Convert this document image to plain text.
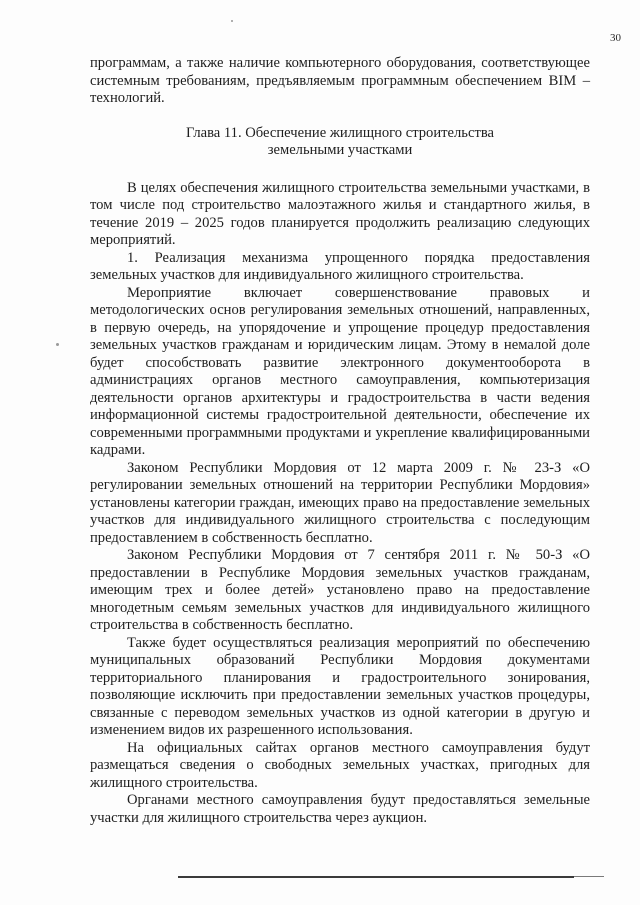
30

программам, а также наличие компьютерного оборудования, соответствующее системным требованиям, предъявляемым программным обеспечением BIM – технологий.

Глава 11. Обеспечение жилищного строительства
земельными участками

В целях обеспечения жилищного строительства земельными участками, в том числе под строительство малоэтажного жилья и стандартного жилья, в течение 2019 – 2025 годов планируется продолжить реализацию следующих мероприятий.

1. Реализация механизма упрощенного порядка предоставления земельных участков для индивидуального жилищного строительства.

Мероприятие включает совершенствование правовых и методологических основ регулирования земельных отношений, направленных, в первую очередь, на упорядочение и упрощение процедур предоставления земельных участков гражданам и юридическим лицам. Этому в немалой доле будет способствовать развитие электронного документооборота в администрациях органов местного самоуправления, компьютеризация деятельности органов архитектуры и градостроительства в части ведения информационной системы градостроительной деятельности, обеспечение их современными программными продуктами и укрепление квалифицированными кадрами.

Законом Республики Мордовия от 12 марта 2009 г. № 23-З «О регулировании земельных отношений на территории Республики Мордовия» установлены категории граждан, имеющих право на предоставление земельных участков для индивидуального жилищного строительства с последующим предоставлением в собственность бесплатно.

Законом Республики Мордовия от 7 сентября 2011 г. № 50-З «О предоставлении в Республике Мордовия земельных участков гражданам, имеющим трех и более детей» установлено право на предоставление многодетным семьям земельных участков для индивидуального жилищного строительства в собственность бесплатно.

Также будет осуществляться реализация мероприятий по обеспечению муниципальных образований Республики Мордовия документами территориального планирования и градостроительного зонирования, позволяющие исключить при предоставлении земельных участков процедуры, связанные с переводом земельных участков из одной категории в другую и изменением видов их разрешенного использования.

На официальных сайтах органов местного самоуправления будут размещаться сведения о свободных земельных участках, пригодных для жилищного строительства.

Органами местного самоуправления будут предоставляться земельные участки для жилищного строительства через аукцион.
